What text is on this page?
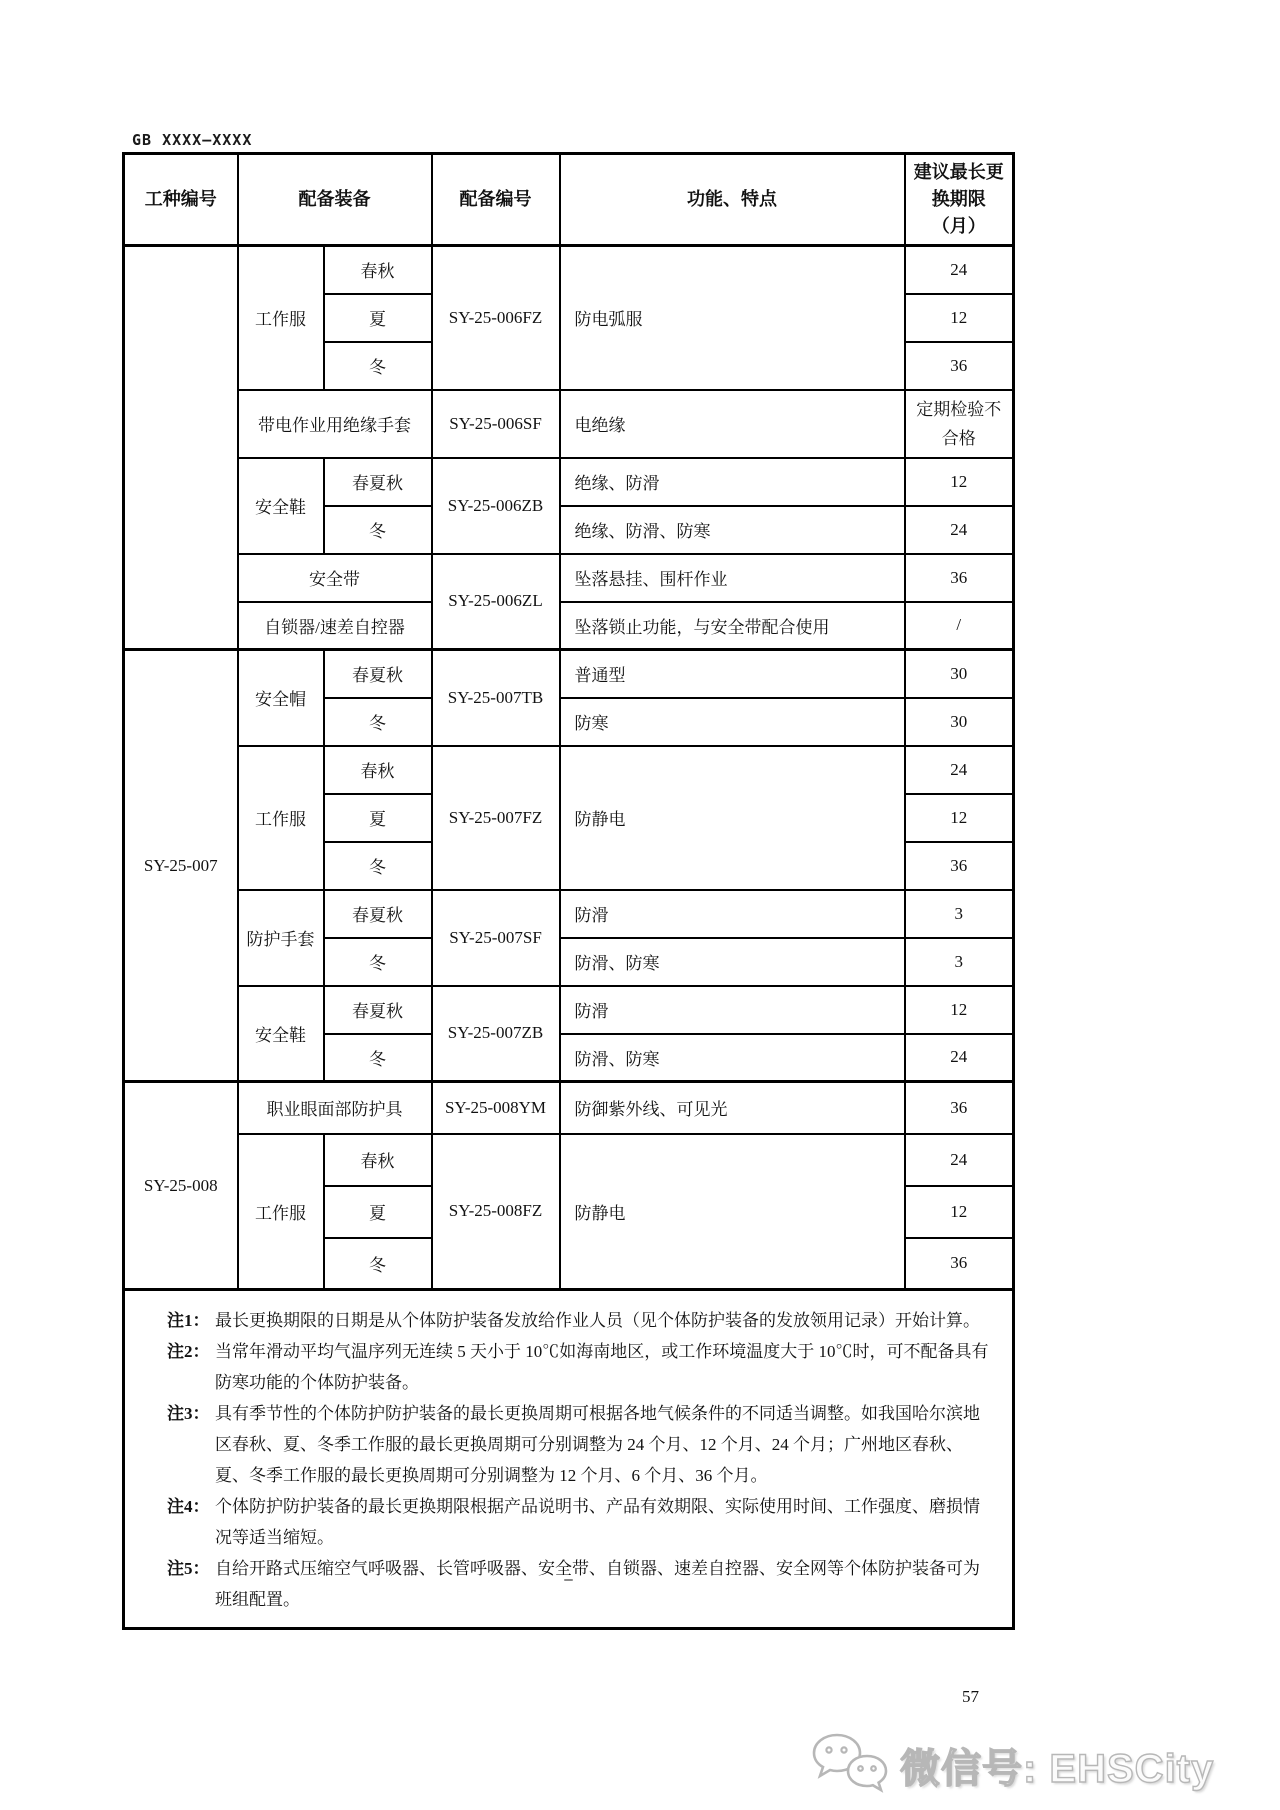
GB XXXX—XXXX
工种编号	配备装备		配备编号	功能、特点	建议最长更换期限（月）
	工作服	春秋	SY-25-006FZ	防电弧服	24
		夏			12
		冬			36
	带电作业用绝缘手套		SY-25-006SF	电绝缘	定期检验不合格
	安全鞋	春夏秋	SY-25-006ZB	绝缘、防滑	12
		冬		绝缘、防滑、防寒	24
	安全带		SY-25-006ZL	坠落悬挂、围杆作业	36
	自锁器/速差自控器			坠落锁止功能，与安全带配合使用	/
SY-25-007	安全帽	春夏秋	SY-25-007TB	普通型	30
		冬		防寒	30
	工作服	春秋	SY-25-007FZ	防静电	24
		夏			12
		冬			36
	防护手套	春夏秋	SY-25-007SF	防滑	3
		冬		防滑、防寒	3
	安全鞋	春夏秋	SY-25-007ZB	防滑	12
		冬		防滑、防寒	24
SY-25-008	职业眼面部防护具		SY-25-008YM	防御紫外线、可见光	36
	工作服	春秋	SY-25-008FZ	防静电	24
		夏			12
		冬			36

注1： 最长更换期限的日期是从个体防护装备发放给作业人员（见个体防护装备的发放领用记录）开始计算。
注2： 当常年滑动平均气温序列无连续 5 天小于 10℃如海南地区，或工作环境温度大于 10℃时，可不配备具有防寒功能的个体防护装备。
注3： 具有季节性的个体防护防护装备的最长更换周期可根据各地气候条件的不同适当调整。如我国哈尔滨地区春秋、夏、冬季工作服的最长更换周期可分别调整为 24 个月、12 个月、24 个月；广州地区春秋、夏、冬季工作服的最长更换周期可分别调整为 12 个月、6 个月、36 个月。
注4： 个体防护防护装备的最长更换期限根据产品说明书、产品有效期限、实际使用时间、工作强度、磨损情况等适当缩短。
注5： 自给开路式压缩空气呼吸器、长管呼吸器、安全带、自锁器、速差自控器、安全网等个体防护装备可为班组配置。					
57
微信号: EHSCity
